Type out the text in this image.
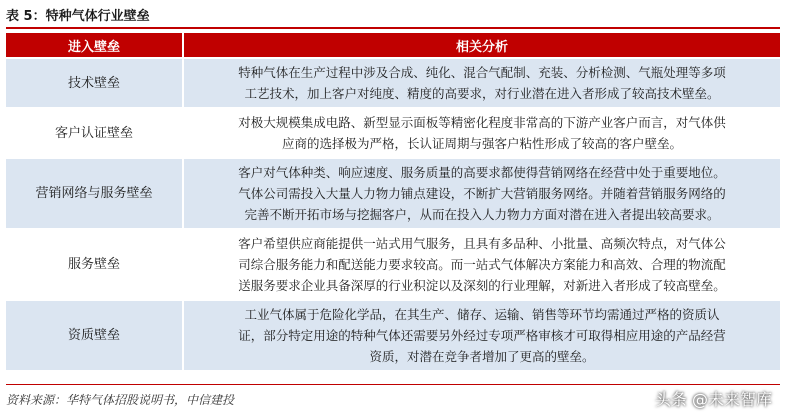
表 5：特种气体行业壁垒
进入壁垒	相关分析
技术壁垒	特种气体在生产过程中涉及合成、纯化、混合气配制、充装、分析检测、气瓶处理等多项
工艺技术，加上客户对纯度、精度的高要求，对行业潜在进入者形成了较高技术壁垒。

客户认证壁垒	对极大规模集成电路、新型显示面板等精密化程度非常高的下游产业客户而言，对气体供
应商的选择极为严格，长认证周期与强客户粘性形成了较高的客户壁垒。

营销网络与服务壁垒	客户对气体种类、响应速度、服务质量的高要求都使得营销网络在经营中处于重要地位。
气体公司需投入大量人力物力铺点建设，不断扩大营销服务网络。并随着营销服务网络的
完善不断开拓市场与挖掘客户，从而在投入人力物力方面对潜在进入者提出较高要求。

服务壁垒	客户希望供应商能提供一站式用气服务，且具有多品种、小批量、高频次特点，对气体公
司综合服务能力和配送能力要求较高。而一站式气体解决方案能力和高效、合理的物流配
送服务要求企业具备深厚的行业积淀以及深刻的行业理解，对新进入者形成了较高壁垒。

资质壁垒	工业气体属于危险化学品，在其生产、储存、运输、销售等环节均需通过严格的资质认
证，部分特定用途的特种气体还需要另外经过专项严格审核才可取得相应用途的产品经营
资质，对潜在竞争者增加了更高的壁垒。
资料来源：华特气体招股说明书，中信建投	头条 @未来智库
